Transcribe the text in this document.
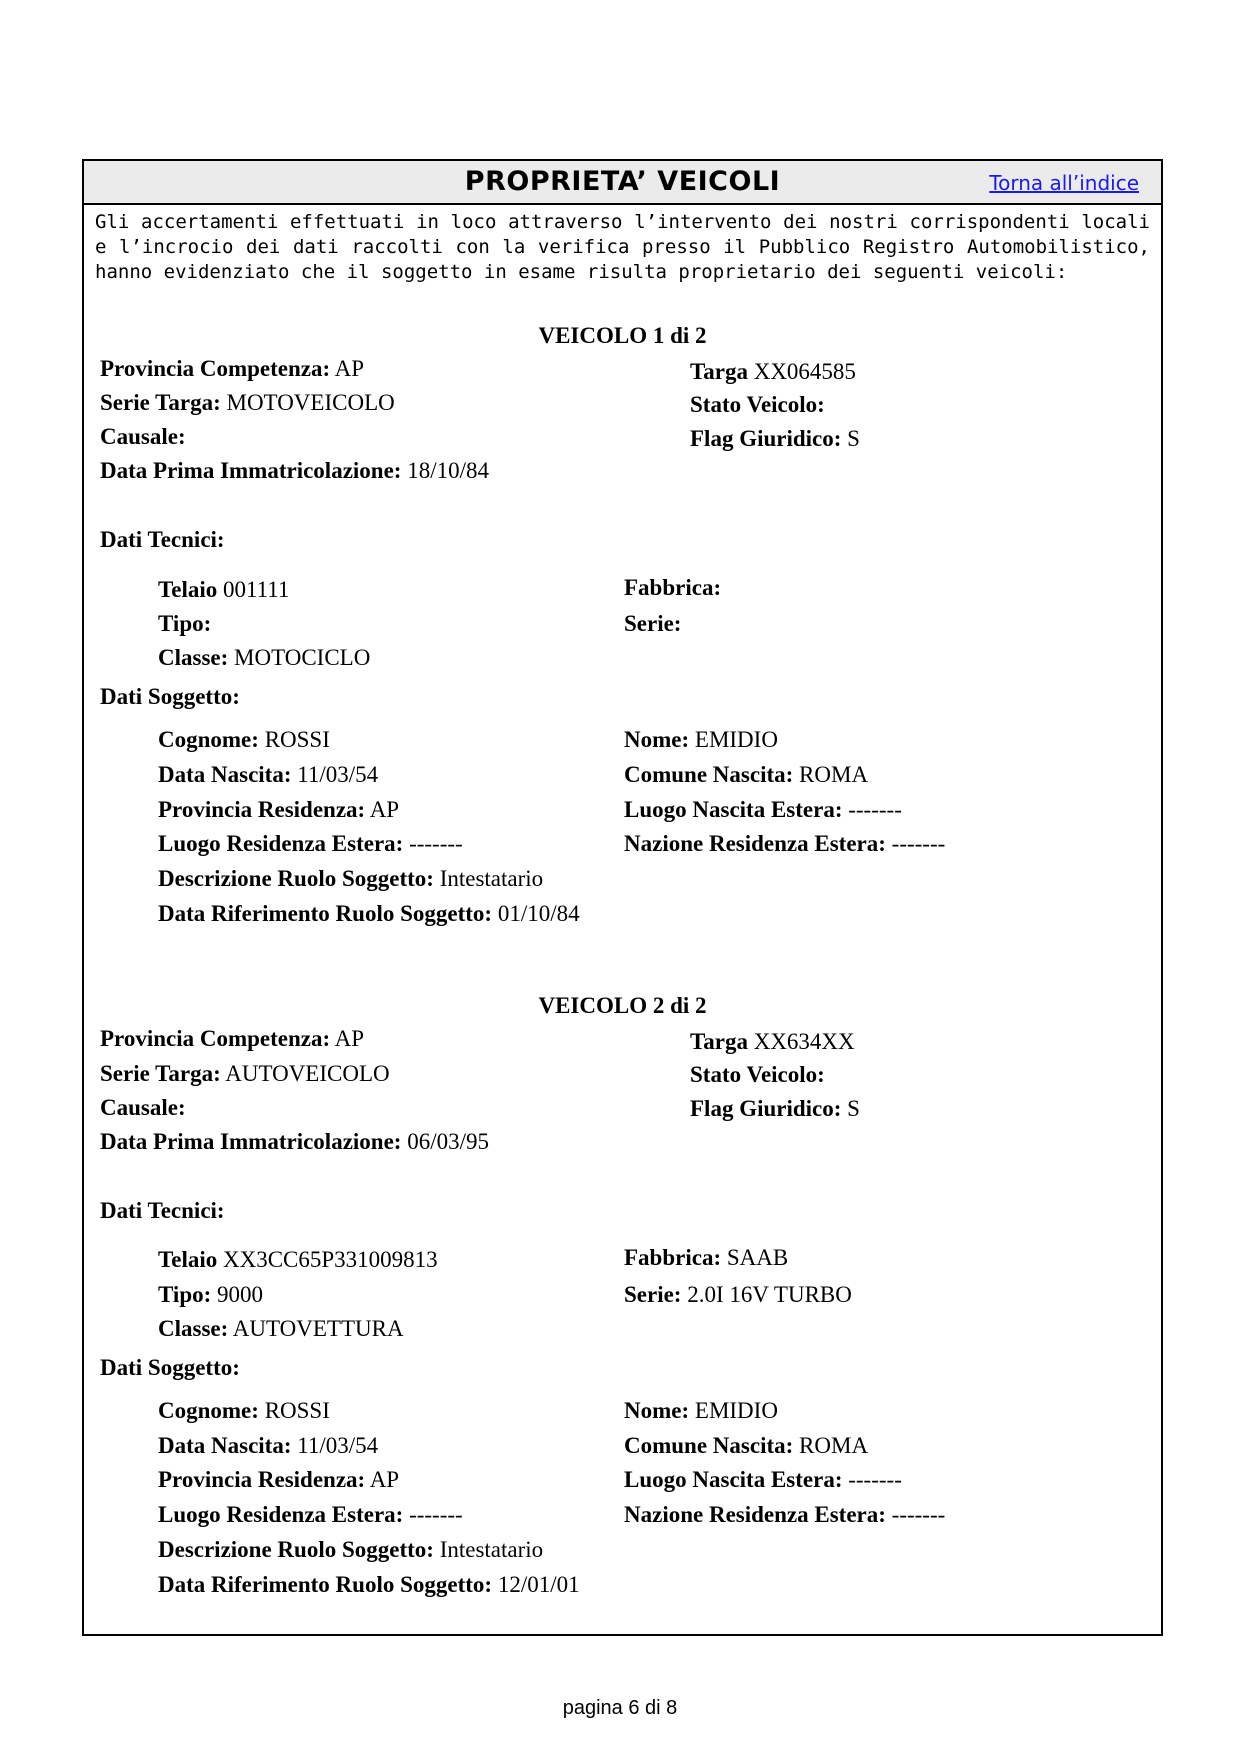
PROPRIETA’ VEICOLI	Torna all’indice
Gli accertamenti effettuati in loco attraverso l’intervento dei nostri corrispondenti locali e l’incrocio dei dati raccolti con la verifica presso il Pubblico Registro Automobilistico, hanno evidenziato che il soggetto in esame risulta proprietario dei seguenti veicoli:
VEICOLO 1 di 2
Provincia Competenza: AP
Serie Targa: MOTOVEICOLO
Causale:
Data Prima Immatricolazione: 18/10/84
Targa XX064585
Stato Veicolo:
Flag Giuridico: S
Dati Tecnici:
Telaio 001111
Tipo:
Classe: MOTOCICLO
Fabbrica:
Serie:
Dati Soggetto:
Cognome: ROSSI
Data Nascita: 11/03/54
Provincia Residenza: AP
Luogo Residenza Estera: -------
Descrizione Ruolo Soggetto: Intestatario
Data Riferimento Ruolo Soggetto: 01/10/84
Nome: EMIDIO
Comune Nascita: ROMA
Luogo Nascita Estera: -------
Nazione Residenza Estera: -------
VEICOLO 2 di 2
Provincia Competenza: AP
Serie Targa: AUTOVEICOLO
Causale:
Data Prima Immatricolazione: 06/03/95
Targa XX634XX
Stato Veicolo:
Flag Giuridico: S
Dati Tecnici:
Telaio XX3CC65P331009813
Tipo: 9000
Classe: AUTOVETTURA
Fabbrica: SAAB
Serie: 2.0I 16V TURBO
Dati Soggetto:
Cognome: ROSSI
Data Nascita: 11/03/54
Provincia Residenza: AP
Luogo Residenza Estera: -------
Descrizione Ruolo Soggetto: Intestatario
Data Riferimento Ruolo Soggetto: 12/01/01
Nome: EMIDIO
Comune Nascita: ROMA
Luogo Nascita Estera: -------
Nazione Residenza Estera: -------
pagina 6 di 8
